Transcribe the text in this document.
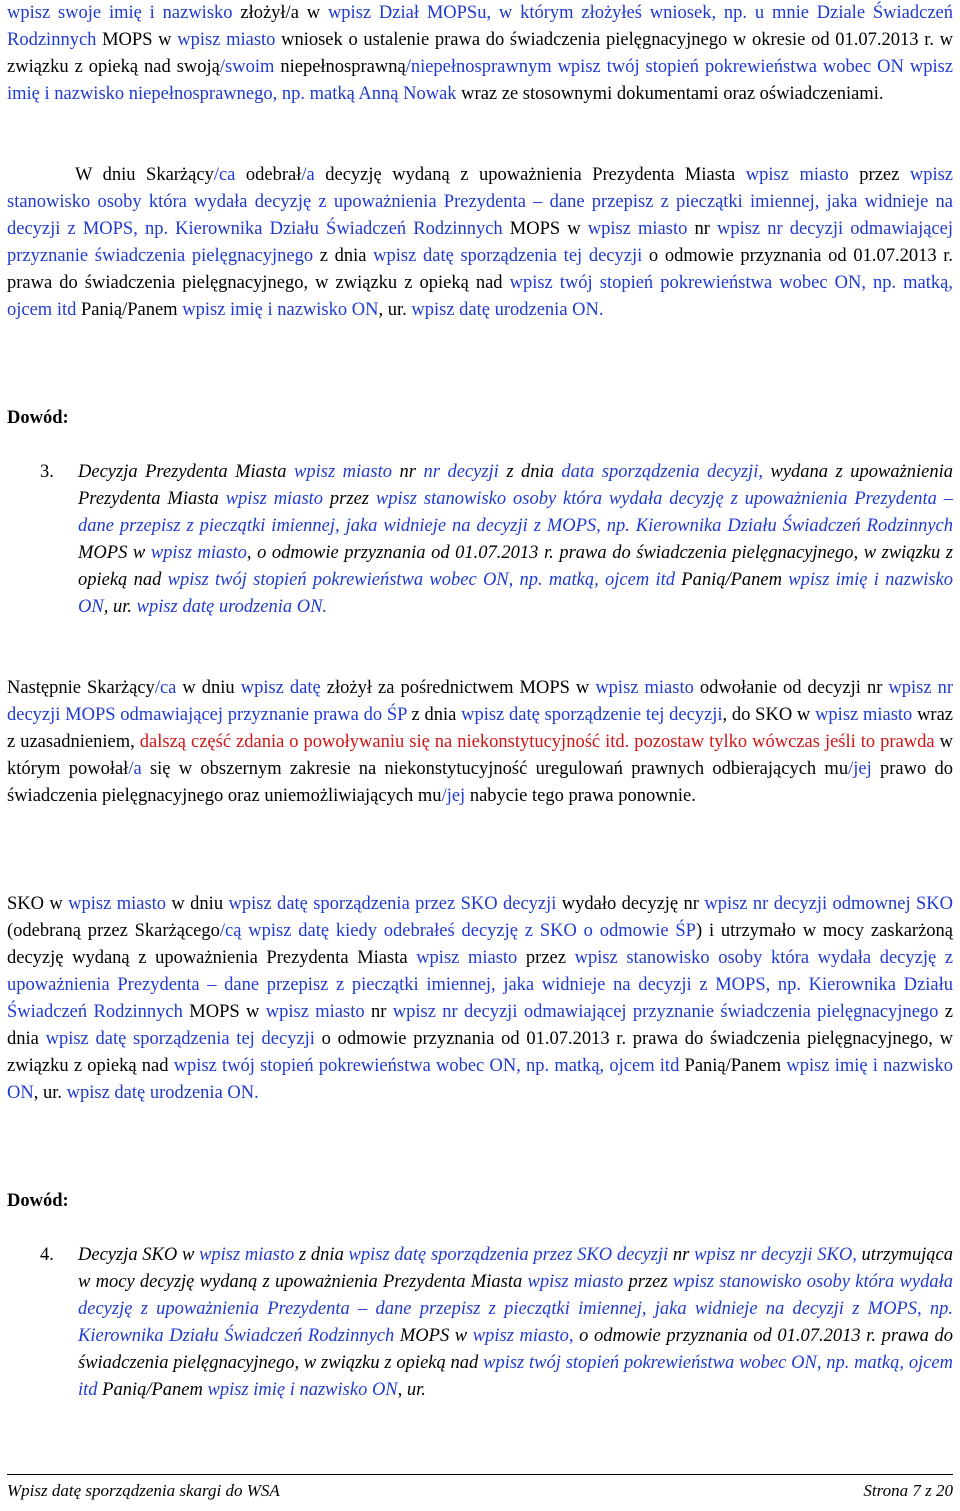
wpisz swoje imię i nazwisko złożył/a w wpisz Dział MOPSu, w którym złożyłeś wniosek, np. u mnie Dziale Świadczeń Rodzinnych MOPS w wpisz miasto wniosek o ustalenie prawa do świadczenia pielęgnacyjnego w okresie od 01.07.2013 r. w związku z opieką nad swoją/swoim niepełnosprawną/niepełnosprawnym wpisz twój stopień pokrewieństwa wobec ON wpisz imię i nazwisko niepełnosprawnego, np. matką Anną Nowak wraz ze stosownymi dokumentami oraz oświadczeniami.

W dniu Skarżący/ca odebrał/a decyzję wydaną z upoważnienia Prezydenta Miasta wpisz miasto przez wpisz stanowisko osoby która wydała decyzję z upoważnienia Prezydenta – dane przepisz z pieczątki imiennej, jaka widnieje na decyzji z MOPS, np. Kierownika Działu Świadczeń Rodzinnych MOPS w wpisz miasto nr wpisz nr decyzji odmawiającej przyznanie świadczenia pielęgnacyjnego z dnia wpisz datę sporządzenia tej decyzji o odmowie przyznania od 01.07.2013 r. prawa do świadczenia pielęgnacyjnego, w związku z opieką nad wpisz twój stopień pokrewieństwa wobec ON, np. matką, ojcem itd Panią/Panem wpisz imię i nazwisko ON, ur. wpisz datę urodzenia ON.

Dowód:

3. Decyzja Prezydenta Miasta wpisz miasto nr nr decyzji z dnia data sporządzenia decyzji, wydana z upoważnienia Prezydenta Miasta wpisz miasto przez wpisz stanowisko osoby która wydała decyzję z upoważnienia Prezydenta – dane przepisz z pieczątki imiennej, jaka widnieje na decyzji z MOPS, np. Kierownika Działu Świadczeń Rodzinnych MOPS w wpisz miasto, o odmowie przyznania od 01.07.2013 r. prawa do świadczenia pielęgnacyjnego, w związku z opieką nad wpisz twój stopień pokrewieństwa wobec ON, np. matką, ojcem itd Panią/Panem wpisz imię i nazwisko ON, ur. wpisz datę urodzenia ON.

Następnie Skarżący/ca w dniu wpisz datę złożył za pośrednictwem MOPS w wpisz miasto odwołanie od decyzji nr wpisz nr decyzji MOPS odmawiającej przyznanie prawa do ŚP z dnia wpisz datę sporządzenie tej decyzji, do SKO w wpisz miasto wraz z uzasadnieniem, dalszą część zdania o powoływaniu się na niekonstytucyjność itd. pozostaw tylko wówczas jeśli to prawda w którym powołał/a się w obszernym zakresie na niekonstytucyjność uregulowań prawnych odbierających mu/jej prawo do świadczenia pielęgnacyjnego oraz uniemożliwiających mu/jej nabycie tego prawa ponownie.

SKO w wpisz miasto w dniu wpisz datę sporządzenia przez SKO decyzji wydało decyzję nr wpisz nr decyzji odmownej SKO (odebraną przez Skarżącego/cą wpisz datę kiedy odebrałeś decyzję z SKO o odmowie ŚP) i utrzymało w mocy zaskarżoną decyzję wydaną z upoważnienia Prezydenta Miasta wpisz miasto przez wpisz stanowisko osoby która wydała decyzję z upoważnienia Prezydenta – dane przepisz z pieczątki imiennej, jaka widnieje na decyzji z MOPS, np. Kierownika Działu Świadczeń Rodzinnych MOPS w wpisz miasto nr wpisz nr decyzji odmawiającej przyznanie świadczenia pielęgnacyjnego z dnia wpisz datę sporządzenia tej decyzji o odmowie przyznania od 01.07.2013 r. prawa do świadczenia pielęgnacyjnego, w związku z opieką nad wpisz twój stopień pokrewieństwa wobec ON, np. matką, ojcem itd Panią/Panem wpisz imię i nazwisko ON, ur. wpisz datę urodzenia ON.

Dowód:

4. Decyzja SKO w wpisz miasto z dnia wpisz datę sporządzenia przez SKO decyzji nr wpisz nr decyzji SKO, utrzymująca w mocy decyzję wydaną z upoważnienia Prezydenta Miasta wpisz miasto przez wpisz stanowisko osoby która wydała decyzję z upoważnienia Prezydenta – dane przepisz z pieczątki imiennej, jaka widnieje na decyzji z MOPS, np. Kierownika Działu Świadczeń Rodzinnych MOPS w wpisz miasto, o odmowie przyznania od 01.07.2013 r. prawa do świadczenia pielęgnacyjnego, w związku z opieką nad wpisz twój stopień pokrewieństwa wobec ON, np. matką, ojcem itd Panią/Panem wpisz imię i nazwisko ON, ur.

Wpisz datę sporządzenia skargi do WSA	Strona 7 z 20
